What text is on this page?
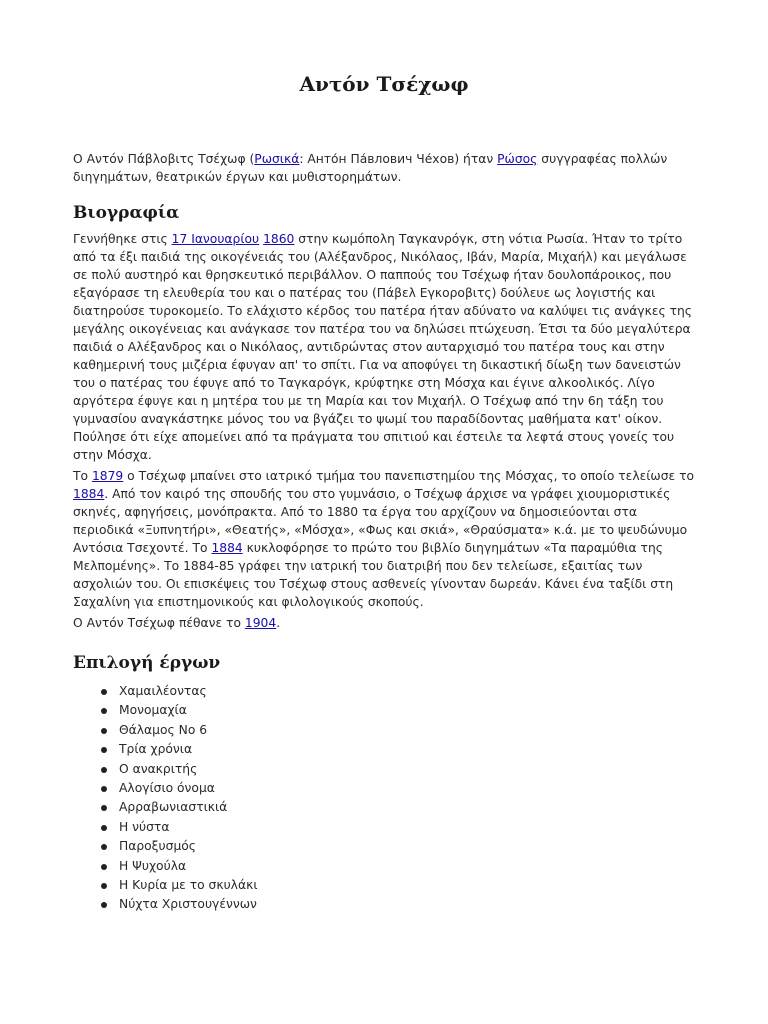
Αντόν Τσέχωφ

Ο Αντόν Πάβλοβιτς Τσέχωφ (Ρωσικά: Анто́н Па́влович Че́хов) ήταν Ρώσος συγγραφέας πολλών διηγημάτων, θεατρικών έργων και μυθιστορημάτων.

Βιογραφία

Γεννήθηκε στις 17 Ιανουαρίου 1860 στην κωμόπολη Ταγκανρόγκ, στη νότια Ρωσία. Ήταν το τρίτο από τα έξι παιδιά της οικογένειάς του (Αλέξανδρος, Νικόλαος, Ιβάν, Μαρία, Μιχαήλ) και μεγάλωσε σε πολύ αυστηρό και θρησκευτικό περιβάλλον. Ο παππούς του Τσέχωφ ήταν δουλοπάροικος, που εξαγόρασε τη ελευθερία του και ο πατέρας του (Πάβελ Εγκοροβιτς) δούλευε ως λογιστής και διατηρούσε τυροκομείο. Το ελάχιστο κέρδος του πατέρα ήταν αδύνατο να καλύψει τις ανάγκες της μεγάλης οικογένειας και ανάγκασε τον πατέρα του να δηλώσει πτώχευση. Έτσι τα δύο μεγαλύτερα παιδιά ο Αλέξανδρος και ο Νικόλαος, αντιδρώντας στον αυταρχισμό του πατέρα τους και στην καθημερινή τους μιζέρια έφυγαν απ' το σπίτι. Για να αποφύγει τη δικαστική δίωξη των δανειστών του ο πατέρας του έφυγε από το Ταγκαρόγκ, κρύφτηκε στη Μόσχα και έγινε αλκοολικός. Λίγο αργότερα έφυγε και η μητέρα του με τη Μαρία και τον Μιχαήλ. Ο Τσέχωφ από την 6η τάξη του γυμνασίου αναγκάστηκε μόνος του να βγάζει το ψωμί του παραδίδοντας μαθήματα κατ' οίκον. Πούλησε ότι είχε απομείνει από τα πράγματα του σπιτιού και έστειλε τα λεφτά στους γονείς του στην Μόσχα.

Το 1879 ο Τσέχωφ μπαίνει στο ιατρικό τμήμα του πανεπιστημίου της Μόσχας, το οποίο τελείωσε το 1884. Από τον καιρό της σπουδής του στο γυμνάσιο, ο Τσέχωφ άρχισε να γράφει χιουμοριστικές σκηνές, αφηγήσεις, μονόπρακτα. Από το 1880 τα έργα του αρχίζουν να δημοσιεύονται στα περιοδικά «Ξυπνητήρι», «Θεατής», «Μόσχα», «Φως και σκιά», «Θραύσματα» κ.ά. με το ψευδώνυμο Αντόσια Τσεχοντέ. Το 1884 κυκλοφόρησε το πρώτο του βιβλίο διηγημάτων «Τα παραμύθια της Μελπομένης». Το 1884-85 γράφει την ιατρική του διατριβή που δεν τελείωσε, εξαιτίας των ασχολιών του. Οι επισκέψεις του Τσέχωφ στους ασθενείς γίνονταν δωρεάν. Κάνει ένα ταξίδι στη Σαχαλίνη για επιστημονικούς και φιλολογικούς σκοπούς.

Ο Αντόν Τσέχωφ πέθανε το 1904.

Επιλογή έργων
Χαμαιλέοντας
Μονομαχία
Θάλαμος Νο 6
Τρία χρόνια
Ο ανακριτής
Αλογίσιο όνομα
Αρραβωνιαστικιά
Η νύστα
Παροξυσμός
Η Ψυχούλα
Η Κυρία με το σκυλάκι
Νύχτα Χριστουγέννων
